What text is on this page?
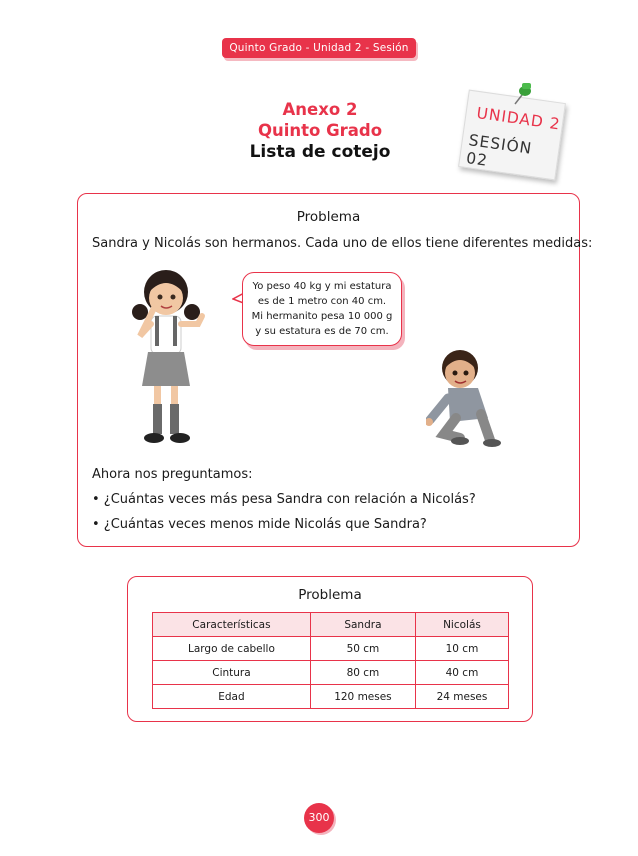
Quinto Grado - Unidad 2 - Sesión 02
Anexo 2
Quinto Grado
Lista de cotejo
UNIDAD 2
SESIÓN 02
Problema
Sandra y Nicolás son hermanos. Cada uno de ellos tiene diferentes medidas:
Yo peso 40 kg y mi estatura es de 1 metro con 40 cm. Mi hermanito pesa 10 000 g y su estatura es de 70 cm.
Ahora nos preguntamos:
• ¿Cuántas veces más pesa Sandra con relación a Nicolás?
• ¿Cuántas veces menos mide Nicolás que Sandra?
Problema
Características	Sandra	Nicolás
Largo de cabello	50 cm	10 cm
Cintura	80 cm	40 cm
Edad	120 meses	24 meses
300
